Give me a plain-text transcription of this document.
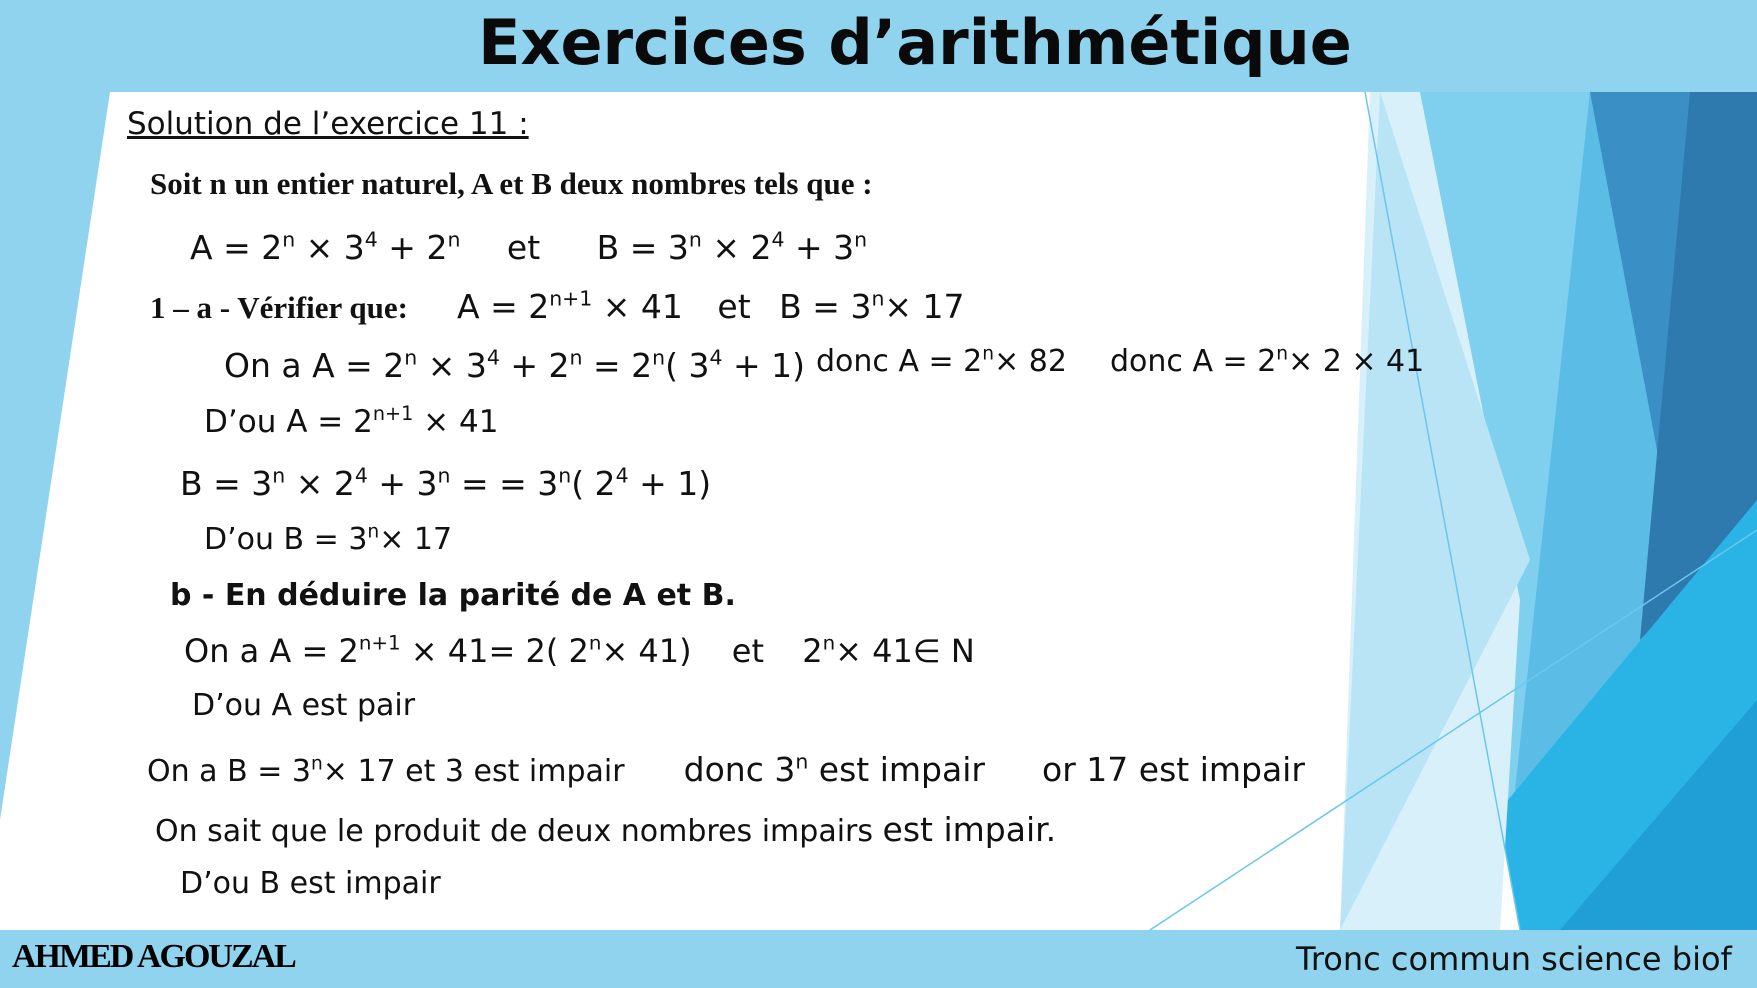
Exercices d’arithmétique
Solution de l’exercice 11 :
Soit n un entier naturel, A et B deux nombres tels que :
$A = 2^n \times 3^4 + 2^n$ et $B = 3^n \times 2^4 + 3^n$
1 – a - Vérifier que: $A = 2^{n+1} \times 41$ et $B = 3^n\times 17$
On a $A = 2^n \times 3^4 + 2^n = 2^n$( $3^4 + 1$) donc $A = 2^n\times 82$ donc $A = 2^n\times 2 \times 41$
D’ou $A = 2^{n+1} \times 41$
$B = 3^n \times 2^4 + 3^n$ = = $3^n$( $2^4 + 1$)
D’ou $B = 3^n\times 17$
b - En déduire la parité de A et B.
On a $A = 2^{n+1} \times 41= 2$( $2^n\times 41$) et $2^n\times$ 41∈ N
D’ou A est pair
On a $B = 3^n\times 17$ et 3 est impair donc 3$^n$ est impair or 17 est impair
On sait que le produit de deux nombres impairs est impair.
D’ou B est impair
AHMED AGOUZAL	Tronc commun science biof
